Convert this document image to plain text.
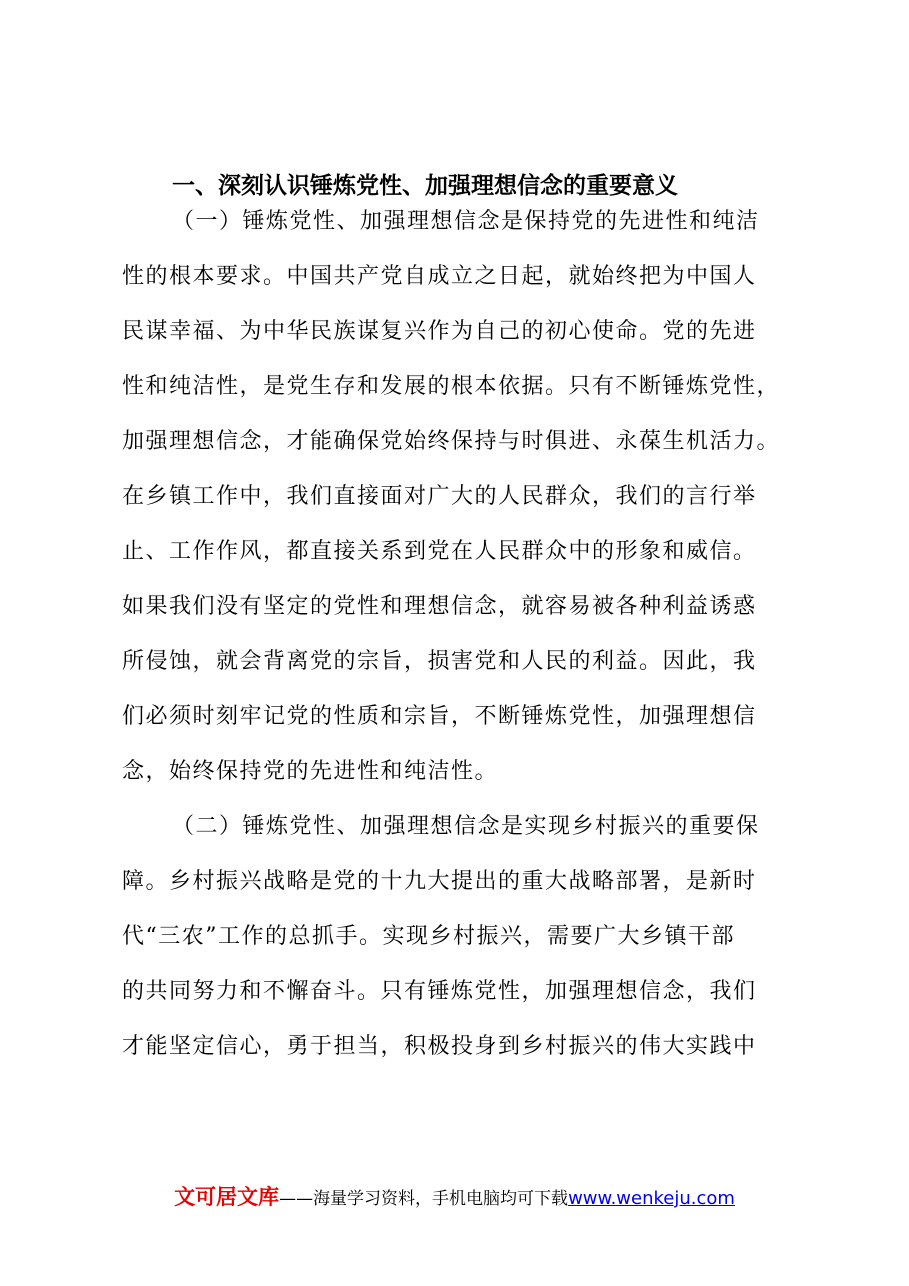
一、深刻认识锤炼党性、加强理想信念的重要意义
（一）锤炼党性、加强理想信念是保持党的先进性和纯洁
性的根本要求。中国共产党自成立之日起，就始终把为中国人
民谋幸福、为中华民族谋复兴作为自己的初心使命。党的先进
性和纯洁性，是党生存和发展的根本依据。只有不断锤炼党性，
加强理想信念，才能确保党始终保持与时俱进、永葆生机活力。
在乡镇工作中，我们直接面对广大的人民群众，我们的言行举
止、工作作风，都直接关系到党在人民群众中的形象和威信。
如果我们没有坚定的党性和理想信念，就容易被各种利益诱惑
所侵蚀，就会背离党的宗旨，损害党和人民的利益。因此，我
们必须时刻牢记党的性质和宗旨，不断锤炼党性，加强理想信
念，始终保持党的先进性和纯洁性。
（二）锤炼党性、加强理想信念是实现乡村振兴的重要保
障。乡村振兴战略是党的十九大提出的重大战略部署，是新时
代“三农”工作的总抓手。实现乡村振兴，需要广大乡镇干部
的共同努力和不懈奋斗。只有锤炼党性，加强理想信念，我们
才能坚定信心，勇于担当，积极投身到乡村振兴的伟大实践中
文可居文库——海量学习资料，手机电脑均可下载www.wenkeju.com
